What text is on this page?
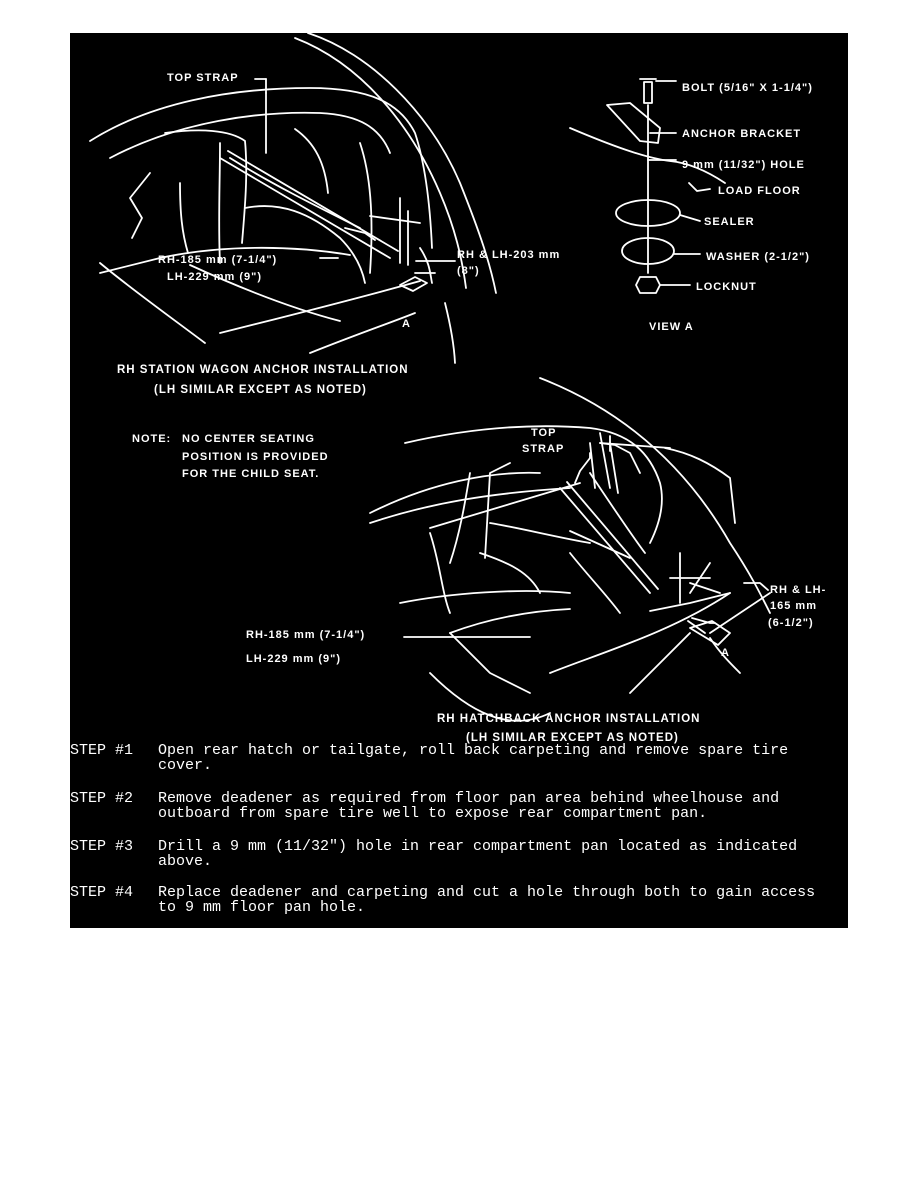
TOP STRAP
RH-185 mm (7-1/4")
LH-229 mm (9")
RH & LH-203 mm
(8")
A
RH STATION WAGON ANCHOR INSTALLATION
(LH SIMILAR EXCEPT AS NOTED)
BOLT (5/16" X 1-1/4")
ANCHOR BRACKET
9 mm (11/32") HOLE
LOAD FLOOR
SEALER
WASHER (2-1/2")
LOCKNUT
VIEW A
NOTE: NO CENTER SEATING
POSITION IS PROVIDED
FOR THE CHILD SEAT.
TOP
STRAP
RH & LH-
165 mm
(6-1/2")
RH-185 mm (7-1/4")
LH-229 mm (9")	A
RH HATCHBACK ANCHOR INSTALLATION
(LH SIMILAR EXCEPT AS NOTED)
STEP #1 Open rear hatch or tailgate, roll back carpeting and remove spare tire cover.
STEP #2 Remove deadener as required from floor pan area behind wheelhouse and outboard from spare tire well to expose rear compartment pan.
STEP #3 Drill a 9 mm (11/32") hole in rear compartment pan located as indicated above.
STEP #4 Replace deadener and carpeting and cut a hole through both to gain access to 9 mm floor pan hole.
